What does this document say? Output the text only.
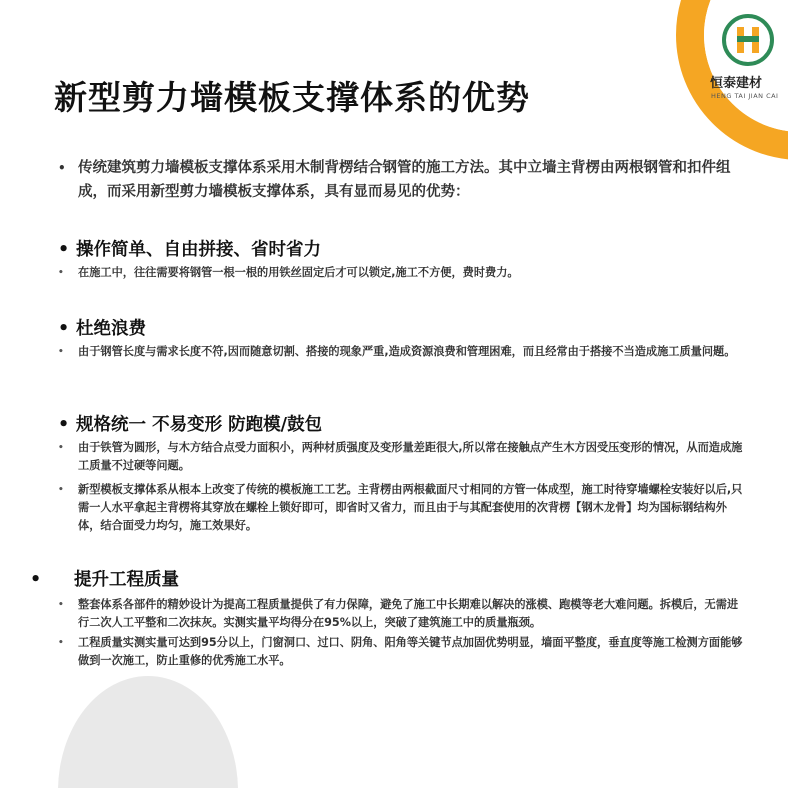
恒泰建材
HENG TAI JIAN CAI
新型剪力墙模板支撑体系的优势
• 传统建筑剪力墙模板支撑体系采用木制背楞结合钢管的施工方法。其中立墙主背楞由两根钢管和扣件组成，而采用新型剪力墙模板支撑体系，具有显而易见的优势：
• 操作简单、自由拼接、省时省力
•	在施工中，往往需要将钢管一根一根的用铁丝固定后才可以锁定,施工不方便，费时费力。
• 杜绝浪费
•	由于钢管长度与需求长度不符,因而随意切割、搭接的现象严重,造成资源浪费和管理困难，而且经常由于搭接不当造成施工质量问题。
• 规格统一 不易变形 防跑模/鼓包
•	由于铁管为圆形，与木方结合点受力面积小，两种材质强度及变形量差距很大,所以常在接触点产生木方因受压变形的情况，从而造成施工质量不过硬等问题。
•	新型模板支撑体系从根本上改变了传统的模板施工工艺。主背楞由两根截面尺寸相同的方管一体成型，施工时待穿墙螺栓安装好以后,只需一人水平拿起主背楞将其穿放在螺栓上锁好即可，即省时又省力，而且由于与其配套使用的次背楞【钢木龙骨】均为国标钢结构外体，结合面受力均匀，施工效果好。
• 提升工程质量
•	整套体系各部件的精妙设计为提高工程质量提供了有力保障，避免了施工中长期难以解决的涨模、跑模等老大难问题。拆模后，无需进行二次人工平整和二次抹灰。实测实量平均得分在95%以上，突破了建筑施工中的质量瓶颈。
•	工程质量实测实量可达到95分以上，门窗洞口、过口、阴角、阳角等关键节点加固优势明显，墙面平整度，垂直度等施工检测方面能够做到一次施工，防止重修的优秀施工水平。
